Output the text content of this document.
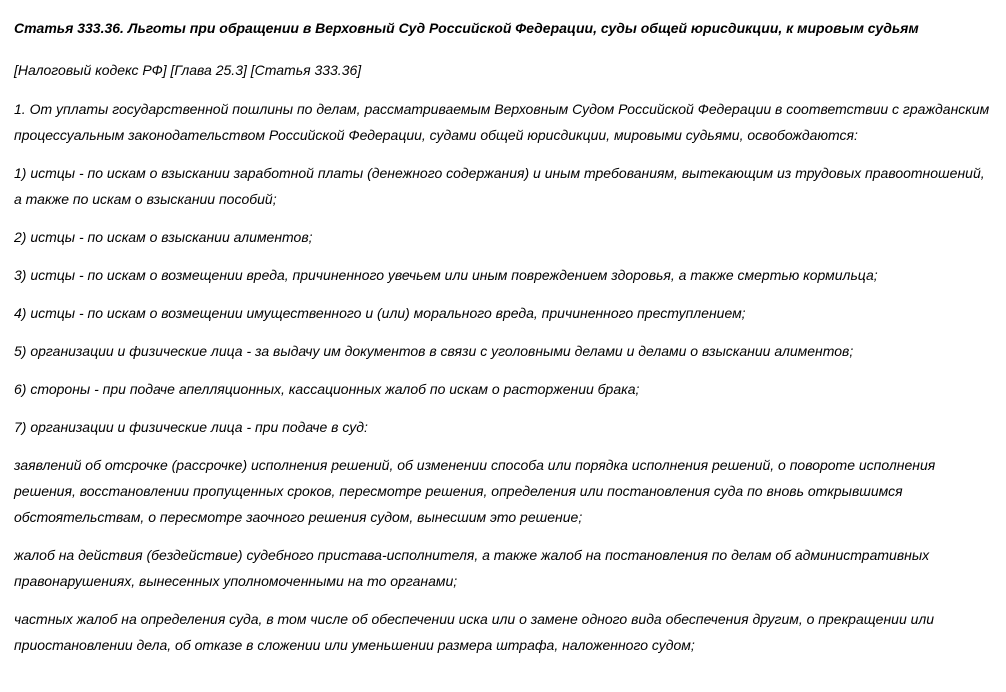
Статья 333.36. Льготы при обращении в Верховный Суд Российской Федерации, суды общей юрисдикции, к мировым судьям

[Налоговый кодекс РФ] [Глава 25.3] [Статья 333.36]

1. От уплаты государственной пошлины по делам, рассматриваемым Верховным Судом Российской Федерации в соответствии с гражданским процессуальным законодательством Российской Федерации, судами общей юрисдикции, мировыми судьями, освобождаются:

1) истцы - по искам о взыскании заработной платы (денежного содержания) и иным требованиям, вытекающим из трудовых правоотношений, а также по искам о взыскании пособий;

2) истцы - по искам о взыскании алиментов;

3) истцы - по искам о возмещении вреда, причиненного увечьем или иным повреждением здоровья, а также смертью кормильца;

4) истцы - по искам о возмещении имущественного и (или) морального вреда, причиненного преступлением;

5) организации и физические лица - за выдачу им документов в связи с уголовными делами и делами о взыскании алиментов;

6) стороны - при подаче апелляционных, кассационных жалоб по искам о расторжении брака;

7) организации и физические лица - при подаче в суд:

заявлений об отсрочке (рассрочке) исполнения решений, об изменении способа или порядка исполнения решений, о повороте исполнения решения, восстановлении пропущенных сроков, пересмотре решения, определения или постановления суда по вновь открывшимся обстоятельствам, о пересмотре заочного решения судом, вынесшим это решение;

жалоб на действия (бездействие) судебного пристава-исполнителя, а также жалоб на постановления по делам об административных правонарушениях, вынесенных уполномоченными на то органами;

частных жалоб на определения суда, в том числе об обеспечении иска или о замене одного вида обеспечения другим, о прекращении или приостановлении дела, об отказе в сложении или уменьшении размера штрафа, наложенного судом;
